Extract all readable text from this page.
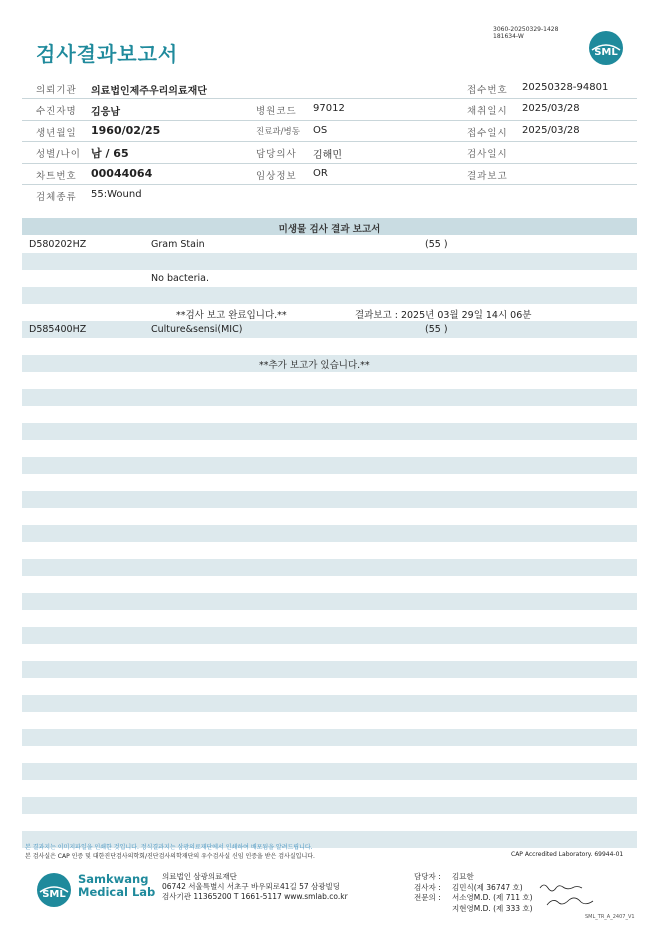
검사결과보고서
3060-20250329-1428
181634-W
SML
의뢰기관 의료법인제주우리의료재단	접수번호 20250328-94801
수진자명 김응남	병원코드 97012	채취일시 2025/03/28
생년월일 1960/02/25	진료과/병동 OS	접수일시 2025/03/28
성별/나이 남 / 65	담당의사 김해민	검사일시
차트번호 00044064	임상정보 OR	결과보고
검체종류 55:Wound
미생물 검사 결과 보고서
D580202HZ	Gram Stain	(55 )
No bacteria.
**검사 보고 완료입니다.**	결과보고 : 2025년 03월 29일 14시 06분
D585400HZ	Culture&sensi(MIC)	(55 )
**추가 보고가 있습니다.**
본 결과지는 이미지파일을 인쇄한 것입니다. 정식결과지는 삼광의료재단에서 인쇄하여 배포됨을 알려드립니다.
본 검사실은 CAP 인증 및 대한진단검사의학회/진단검사의학재단의 우수검사실 신임 인증을 받은 검사실입니다.	CAP Accredited Laboratory. 69944-01
SML
Samkwang
Medical Lab
의료법인 삼광의료재단
06742 서울특별시 서초구 바우뫼로41길 57 삼광빌딩
검사기관 11365200 T 1661-5117 www.smlab.co.kr
담당자 : 김묘한
검사자 : 김민식(제 36747 호)
전문의 : 서소영M.D. (제 711 호)
지현영M.D. (제 333 호)
SML_TR_A_2407_V1
